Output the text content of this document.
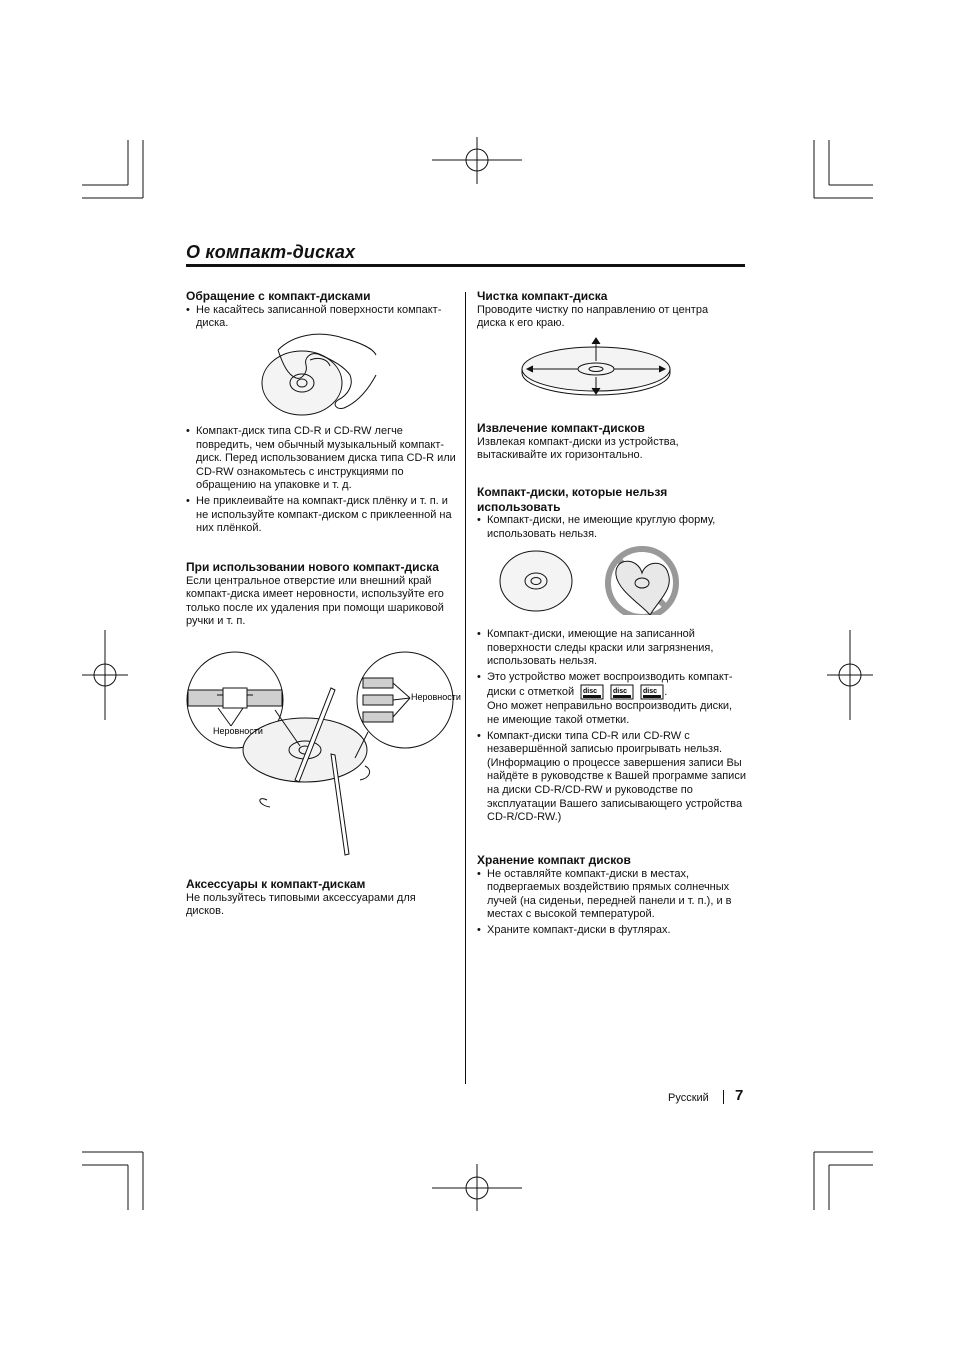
О компакт-дисках

Обращение с компакт-дисками

• Не касайтесь записанной поверхности компакт-диска.
• Компакт-диск типа CD-R и CD-RW легче повредить, чем обычный музыкальный компакт-диск. Перед использованием диска типа CD-R или CD-RW ознакомьтесь с инструкциями по обращению на упаковке и т. д.
• Не приклеивайте на компакт-диск плёнку и т. п. и не используйте компакт-диском с приклеенной на них плёнкой.

При использовании нового компакт-диска

Если центральное отверстие или внешний край компакт-диска имеет неровности, используйте его только после их удаления при помощи шариковой ручки и т. п.

Неровности
Неровности

Аксессуары к компакт-дискам

Не пользуйтесь типовыми аксессуарами для дисков.

Чистка компакт-диска

Проводите чистку по направлению от центра диска к его краю.

Извлечение компакт-дисков

Извлекая компакт-диски из устройства, вытаскивайте их горизонтально.

Компакт-диски, которые нельзя использовать

• Компакт-диски, не имеющие круглую форму, использовать нельзя.
• Компакт-диски, имеющие на записанной поверхности следы краски или загрязнения, использовать нельзя.
• Это устройство может воспроизводить компакт-диски с отметкой disc
disc
disc .
Оно может неправильно воспроизводить диски, не имеющие такой отметки.
• Компакт-диски типа CD-R или CD-RW с незавершённой записью проигрывать нельзя. (Информацию о процессе завершения записи Вы найдёте в руководстве к Вашей программе записи на диски CD-R/CD-RW и руководстве по эксплуатации Вашего записывающего устройства CD-R/CD-RW.)

Хранение компакт дисков

• Не оставляйте компакт-диски в местах, подвергаемых воздействию прямых солнечных лучей (на сиденьи, передней панели и т. п.), и в местах с высокой температурой.
• Храните компакт-диски в футлярах.
Русский 7
